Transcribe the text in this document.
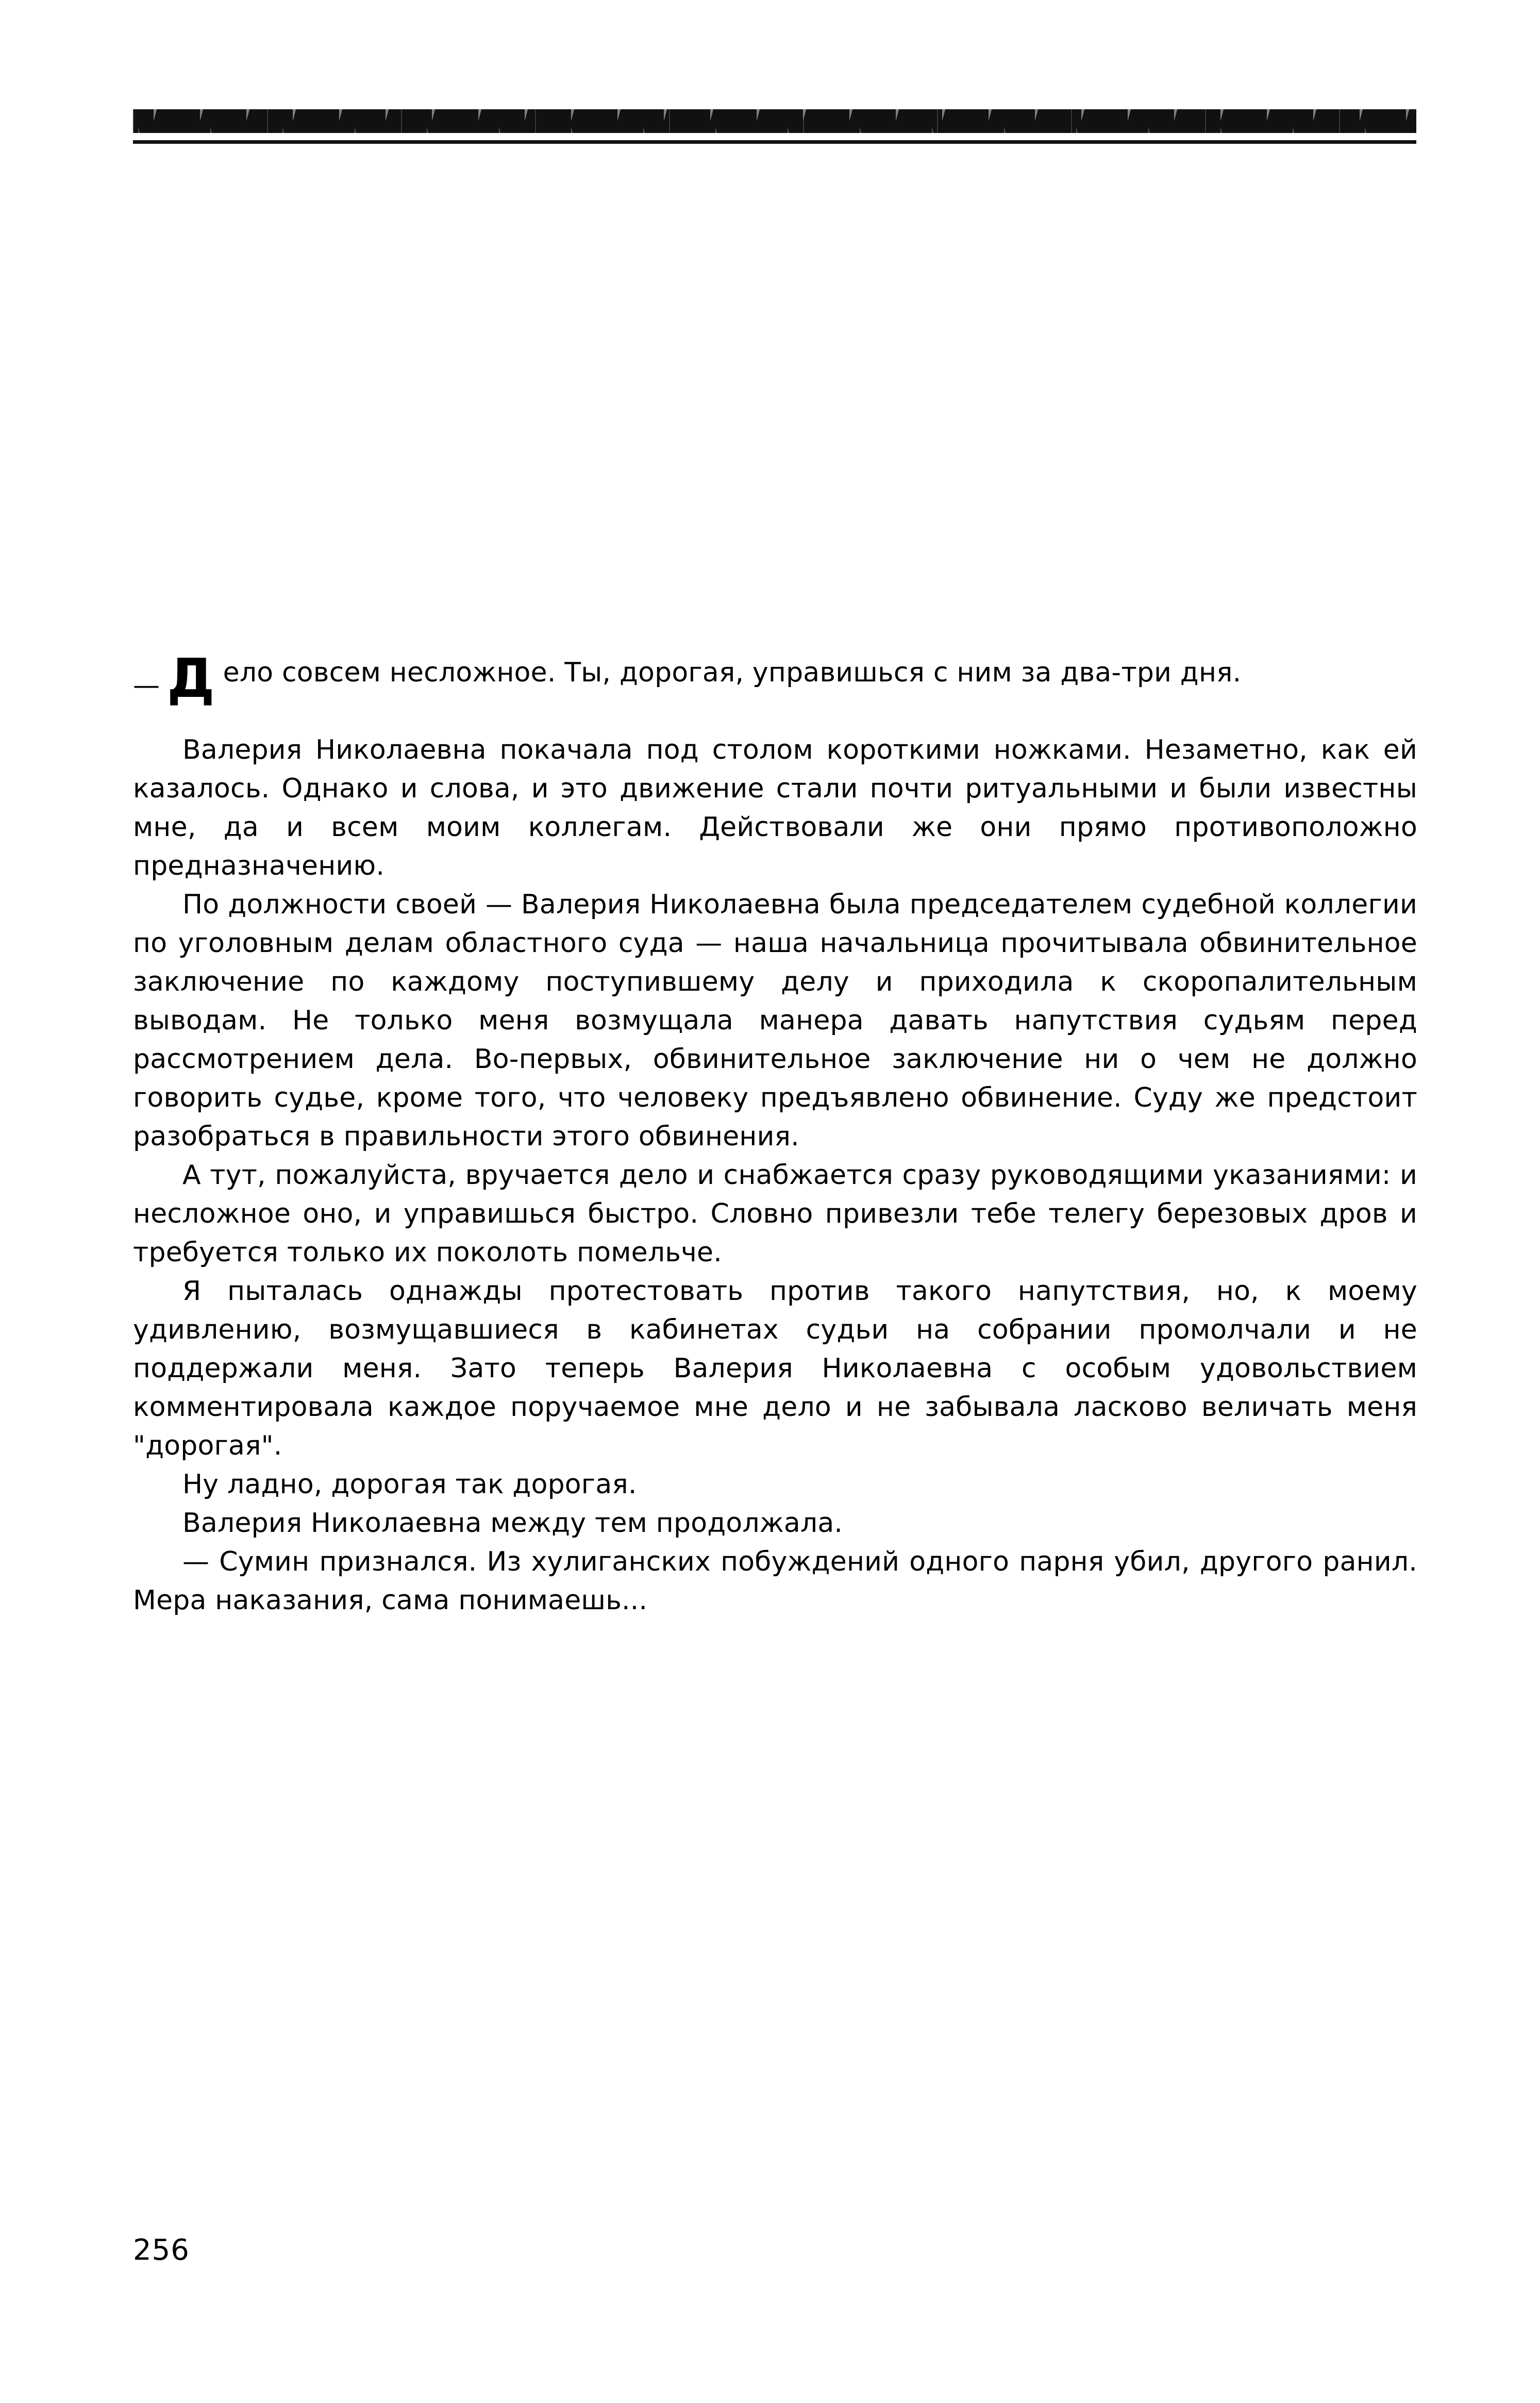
— Д ело совсем несложное. Ты, дорогая, управишься с ним за два-три дня.

Валерия Николаевна покачала под столом короткими ножками. Незаметно, как ей казалось. Однако и слова, и это движение стали почти ритуальными и были известны мне, да и всем моим коллегам. Действовали же они прямо противоположно предназначению.

По должности своей — Валерия Николаевна была председателем судебной коллегии по уголовным делам областного суда — наша начальница прочитывала обвинительное заключение по каждому поступившему делу и приходила к скоропалительным выводам. Не только меня возмущала манера давать напутствия судьям перед рассмотрением дела. Во-первых, обвинительное заключение ни о чем не должно говорить судье, кроме того, что человеку предъявлено обвинение. Суду же предстоит разобраться в правильности этого обвинения.

А тут, пожалуйста, вручается дело и снабжается сразу руководящими указаниями: и несложное оно, и управишься быстро. Словно привезли тебе телегу березовых дров и требуется только их поколоть помельче.

Я пыталась однажды протестовать против такого напутствия, но, к моему удивлению, возмущавшиеся в кабинетах судьи на собрании промолчали и не поддержали меня. Зато теперь Валерия Николаевна с особым удовольствием комментировала каждое поручаемое мне дело и не забывала ласково величать меня "дорогая".

Ну ладно, дорогая так дорогая.

Валерия Николаевна между тем продолжала.

— Сумин признался. Из хулиганских побуждений одного парня убил, другого ранил. Мера наказания, сама понимаешь...

256
